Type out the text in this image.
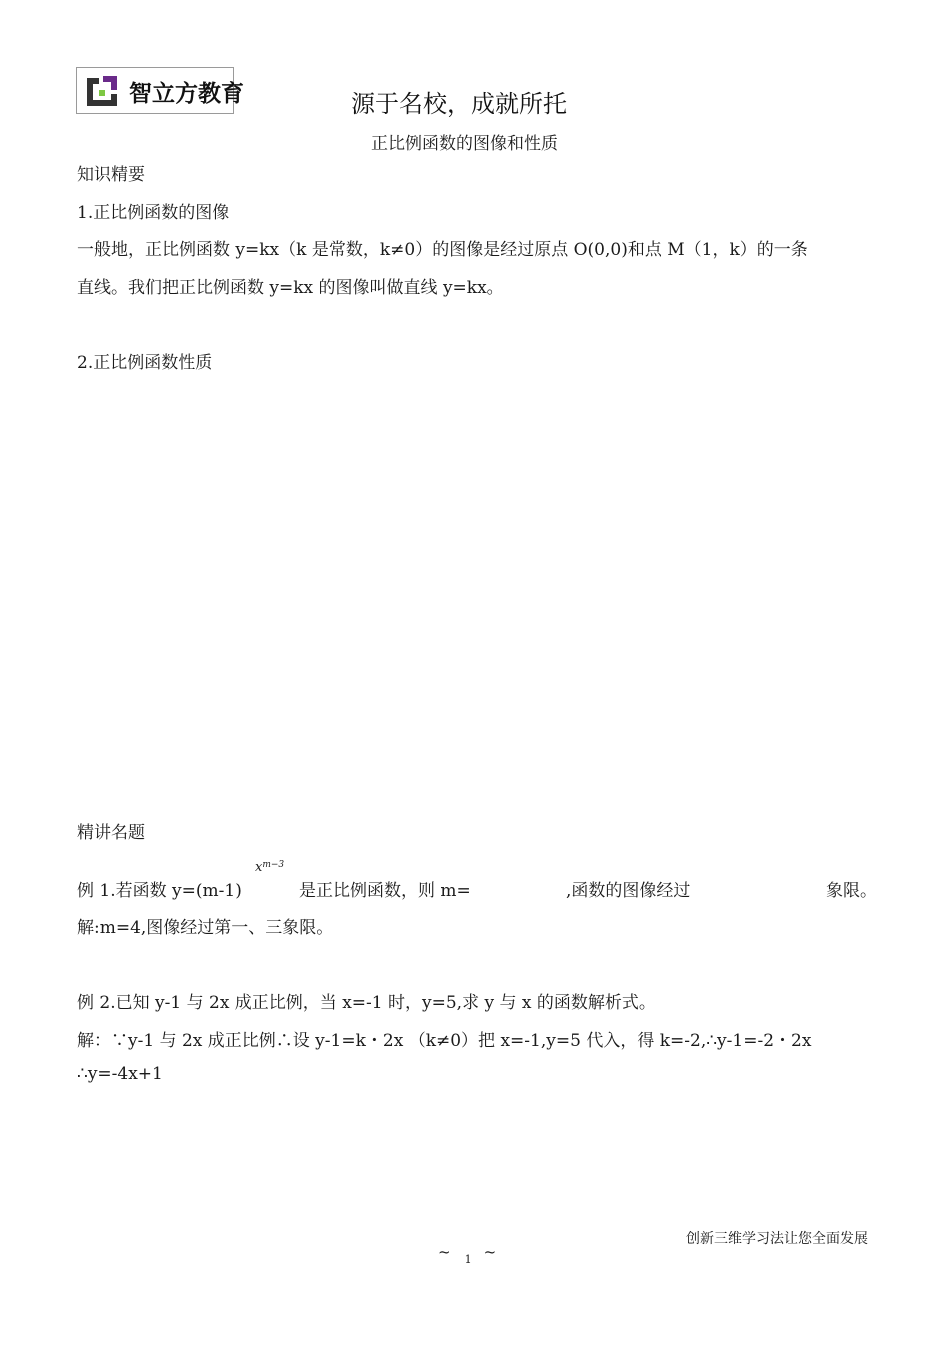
智立方教育	源于名校，成就所托
正比例函数的图像和性质
知识精要
1.正比例函数的图像
一般地，正比例函数 y=kx（k 是常数，k≠0）的图像是经过原点 O(0,0)和点 M（1，k）的一条
直线。我们把正比例函数 y=kx 的图像叫做直线 y=kx。
2.正比例函数性质
精讲名题
$x^{m-3}$
例 1.若函数 y=(m-1)	是正比例函数，则 m=	,函数的图像经过	象限。
解:m=4,图像经过第一、三象限。
例 2.已知 y-1 与 2x 成正比例，当 x=-1 时，y=5,求 y 与 x 的函数解析式。
解：∵y-1 与 2x 成正比例∴设 y-1=k・2x （k≠0）把 x=-1,y=5 代入，得 k=-2,∴y-1=-2・2x
∴y=-4x+1
创新三维学习法让您全面发展
~ $_1$ ~
